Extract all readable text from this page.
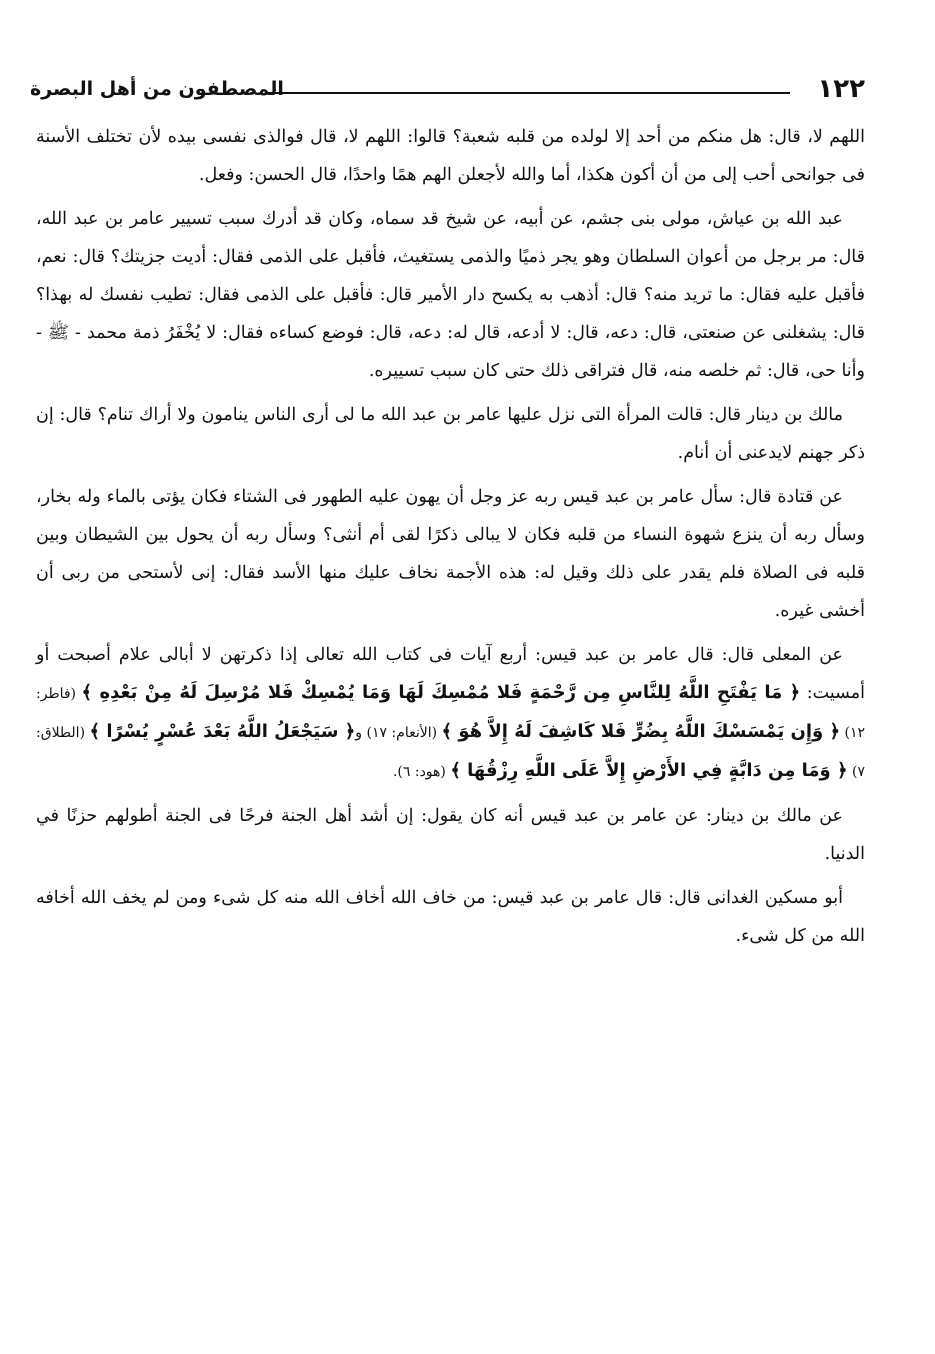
١٢٢
المصطفون من أهل البصرة

اللهم لا، قال: هل منكم من أحد إلا لولده من قلبه شعبة؟ قالوا: اللهم لا، قال فوالذى نفسى بيده لأن تختلف الأسنة فى جوانحى أحب إلى من أن أكون هكذا، أما والله لأجعلن الهم همًا واحدًا، قال الحسن: وفعل.

عبد الله بن عياش، مولى بنى جشم، عن أبيه، عن شيخ قد سماه، وكان قد أدرك سبب تسيير عامر بن عبد الله، قال: مر برجل من أعوان السلطان وهو يجر ذميًا والذمى يستغيث، فأقبل على الذمى فقال: أديت جزيتك؟ قال: نعم، فأقبل عليه فقال: ما تريد منه؟ قال: أذهب به يكسح دار الأمير قال: فأقبل على الذمى فقال: تطيب نفسك له بهذا؟ قال: يشغلنى عن صنعتى، قال: دعه، قال: لا أدعه، قال له: دعه، قال: فوضع كساءه فقال: لا يُخْفَرُ ذمة محمد - ﷺ - وأنا حى، قال: ثم خلصه منه، قال فتراقى ذلك حتى كان سبب تسييره.

مالك بن دينار قال: قالت المرأة التى نزل عليها عامر بن عبد الله ما لى أرى الناس ينامون ولا أراك تنام؟ قال: إن ذكر جهنم لايدعنى أن أنام.

عن قتادة قال: سأل عامر بن عبد قيس ربه عز وجل أن يهون عليه الطهور فى الشتاء فكان يؤتى بالماء وله بخار، وسأل ربه أن ينزع شهوة النساء من قلبه فكان لا يبالى ذكرًا لقى أم أنثى؟ وسأل ربه أن يحول بين الشيطان وبين قلبه فى الصلاة فلم يقدر على ذلك وقيل له: هذه الأجمة نخاف عليك منها الأسد فقال: إنى لأستحى من ربى أن أخشى غيره.

عن المعلى قال: قال عامر بن عبد قيس: أربع آيات فى كتاب الله تعالى إذا ذكرتهن لا أبالى علام أصبحت أو أمسيت: ﴿ مَا يَفْتَحِ اللَّهُ لِلنَّاسِ مِن رَّحْمَةٍ فَلا مُمْسِكَ لَهَا وَمَا يُمْسِكْ فَلا مُرْسِلَ لَهُ مِنْ بَعْدِهِ ﴾ (فاطر: ١٢) ﴿ وَإِن يَمْسَسْكَ اللَّهُ بِضُرٍّ فَلا كَاشِفَ لَهُ إِلاَّ هُوَ ﴾ (الأنعام: ١٧) و﴿ سَيَجْعَلُ اللَّهُ بَعْدَ عُسْرٍ يُسْرًا ﴾ (الطلاق: ٧) ﴿ وَمَا مِن دَابَّةٍ فِي الأَرْضِ إِلاَّ عَلَى اللَّهِ رِزْقُهَا ﴾ (هود: ٦).

عن مالك بن دينار: عن عامر بن عبد قيس أنه كان يقول: إن أشد أهل الجنة فرحًا فى الجنة أطولهم حزنًا في الدنيا.

أبو مسكين الغدانى قال: قال عامر بن عبد قيس: من خاف الله أخاف الله منه كل شىء ومن لم يخف الله أخافه الله من كل شىء.
